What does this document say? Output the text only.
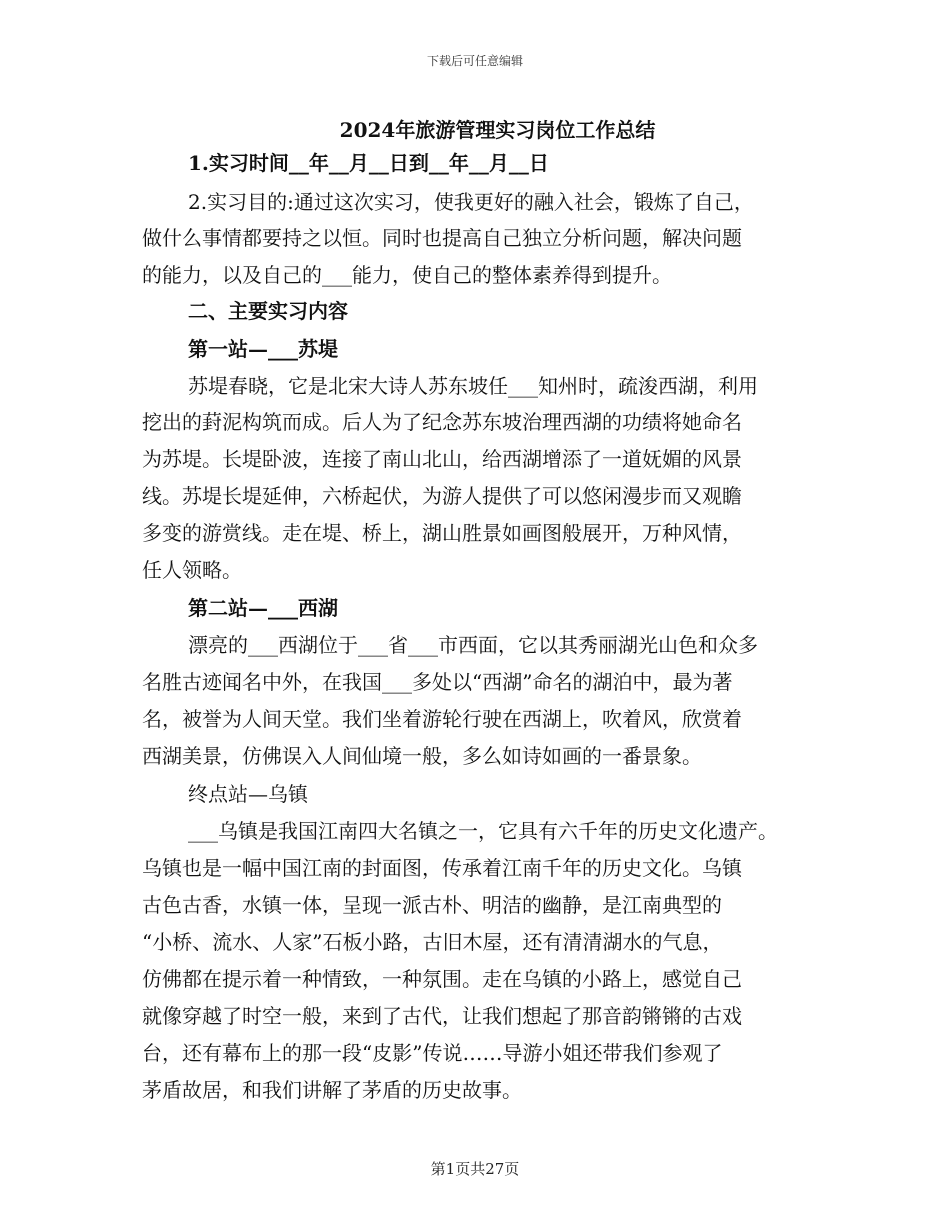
下载后可任意编辑
2024年旅游管理实习岗位工作总结
1.实习时间__年__月__日到__年__月__日
2.实习目的:通过这次实习，使我更好的融入社会，锻炼了自己，
做什么事情都要持之以恒。同时也提高自己独立分析问题，解决问题
的能力，以及自己的___能力，使自己的整体素养得到提升。
二、主要实习内容
第一站—___苏堤
苏堤春晓，它是北宋大诗人苏东坡任___知州时，疏浚西湖，利用
挖出的葑泥构筑而成。后人为了纪念苏东坡治理西湖的功绩将她命名
为苏堤。长堤卧波，连接了南山北山，给西湖增添了一道妩媚的风景
线。苏堤长堤延伸，六桥起伏，为游人提供了可以悠闲漫步而又观瞻
多变的游赏线。走在堤、桥上，湖山胜景如画图般展开，万种风情，
任人领略。
第二站—___西湖
漂亮的___西湖位于___省___市西面，它以其秀丽湖光山色和众多
名胜古迹闻名中外，在我国___多处以“西湖”命名的湖泊中，最为著
名，被誉为人间天堂。我们坐着游轮行驶在西湖上，吹着风，欣赏着
西湖美景，仿佛误入人间仙境一般，多么如诗如画的一番景象。
终点站—乌镇
___乌镇是我国江南四大名镇之一，它具有六千年的历史文化遗产。
乌镇也是一幅中国江南的封面图，传承着江南千年的历史文化。乌镇
古色古香，水镇一体，呈现一派古朴、明洁的幽静，是江南典型的
“小桥、流水、人家”石板小路，古旧木屋，还有清清湖水的气息，
仿佛都在提示着一种情致，一种氛围。走在乌镇的小路上，感觉自己
就像穿越了时空一般，来到了古代，让我们想起了那音韵锵锵的古戏
台，还有幕布上的那一段“皮影”传说……导游小姐还带我们参观了
茅盾故居，和我们讲解了茅盾的历史故事。
第1页共27页
